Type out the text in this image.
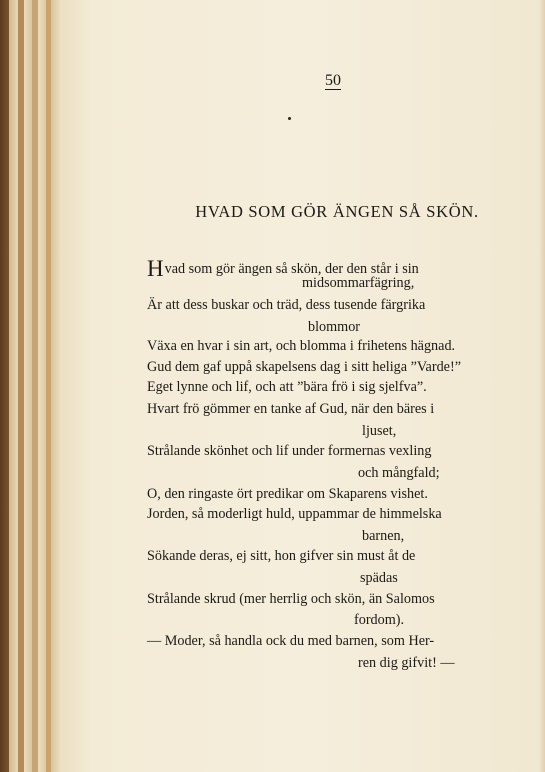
50
HVAD SOM GÖR ÄNGEN SÅ SKÖN.
Hvad som gör ängen så skön, der den står i sin
midsommarfägring,
Är att dess buskar och träd, dess tusende färgrika
blommor
Växa en hvar i sin art, och blomma i frihetens hägnad.
Gud dem gaf uppå skapelsens dag i sitt heliga ”Varde!”
Eget lynne och lif, och att ”bära frö i sig sjelfva”.
Hvart frö gömmer en tanke af Gud, när den bäres i
ljuset,
Strålande skönhet och lif under formernas vexling
och mångfald;
O, den ringaste ört predikar om Skaparens vishet.
Jorden, så moderligt huld, uppammar de himmelska
barnen,
Sökande deras, ej sitt, hon gifver sin must åt de
spädas
Strålande skrud (mer herrlig och skön, än Salomos
fordom).
— Moder, så handla ock du med barnen, som Her-
ren dig gifvit! —
